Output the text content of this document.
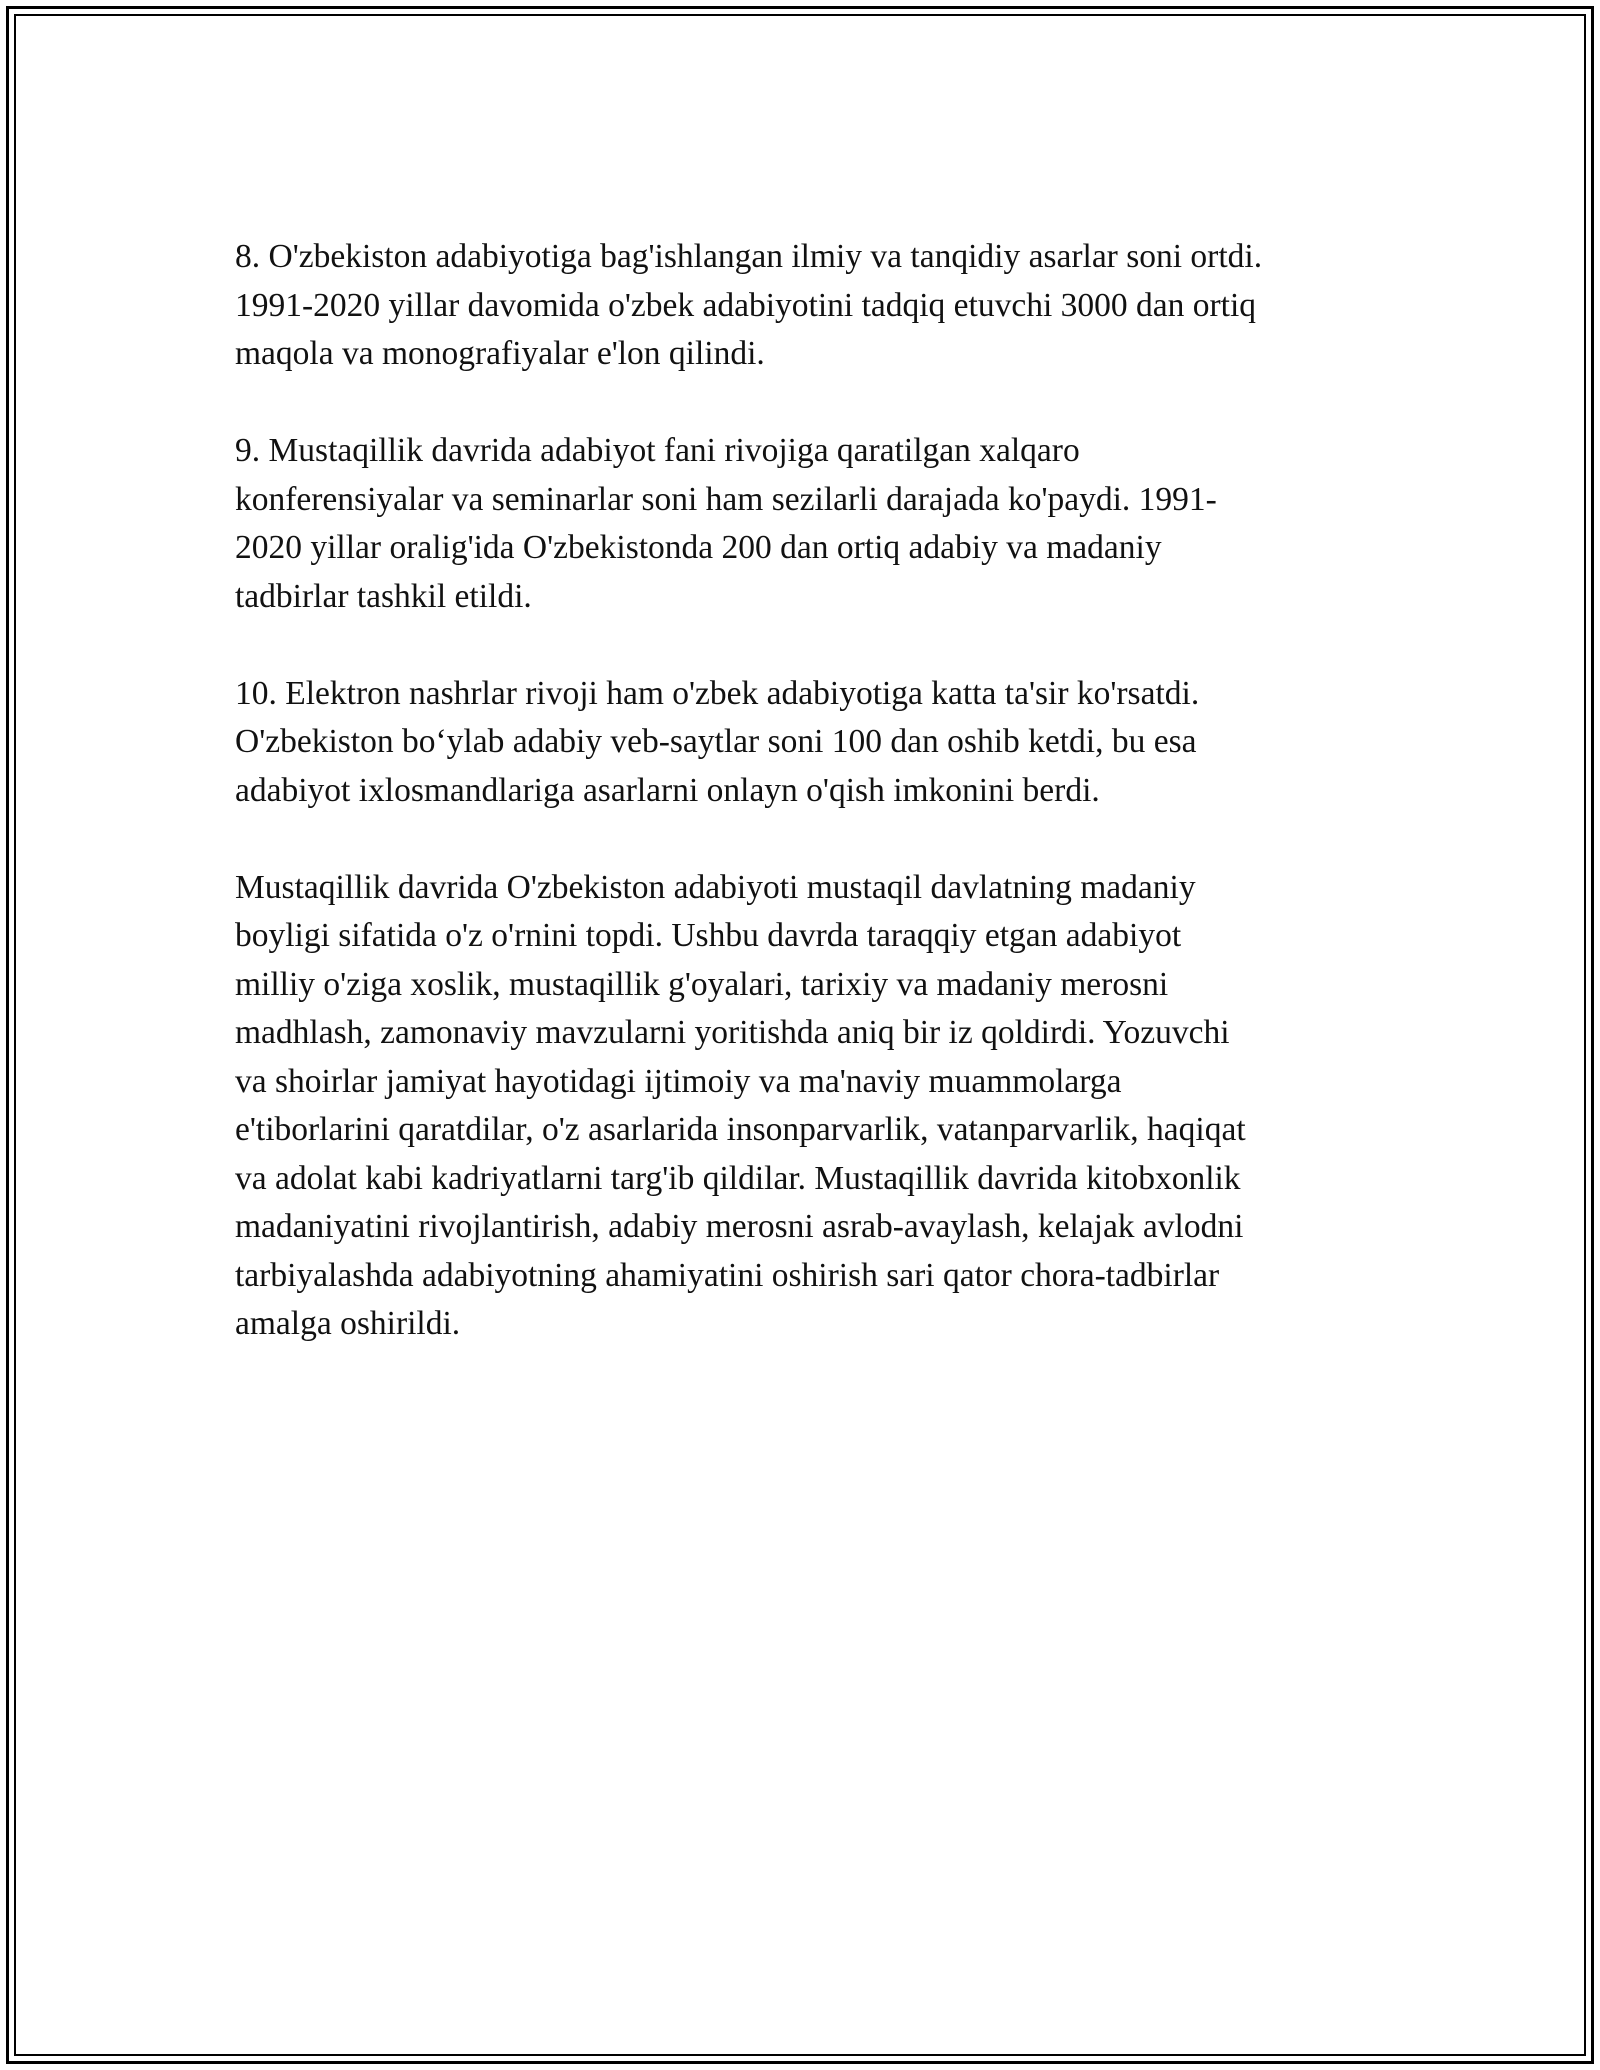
8. O'zbekiston adabiyotiga bag'ishlangan ilmiy va tanqidiy asarlar soni ortdi.
1991-2020 yillar davomida o'zbek adabiyotini tadqiq etuvchi 3000 dan ortiq
maqola va monografiyalar e'lon qilindi.

9. Mustaqillik davrida adabiyot fani rivojiga qaratilgan xalqaro
konferensiyalar va seminarlar soni ham sezilarli darajada ko'paydi. 1991-
2020 yillar oralig'ida O'zbekistonda 200 dan ortiq adabiy va madaniy
tadbirlar tashkil etildi.

10. Elektron nashrlar rivoji ham o'zbek adabiyotiga katta ta'sir ko'rsatdi.
O'zbekiston bo‘ylab adabiy veb-saytlar soni 100 dan oshib ketdi, bu esa
adabiyot ixlosmandlariga asarlarni onlayn o'qish imkonini berdi.

Mustaqillik davrida O'zbekiston adabiyoti mustaqil davlatning madaniy
boyligi sifatida o'z o'rnini topdi. Ushbu davrda taraqqiy etgan adabiyot
milliy o'ziga xoslik, mustaqillik g'oyalari, tarixiy va madaniy merosni
madhlash, zamonaviy mavzularni yoritishda aniq bir iz qoldirdi. Yozuvchi
va shoirlar jamiyat hayotidagi ijtimoiy va ma'naviy muammolarga
e'tiborlarini qaratdilar, o'z asarlarida insonparvarlik, vatanparvarlik, haqiqat
va adolat kabi kadriyatlarni targ'ib qildilar. Mustaqillik davrida kitobxonlik
madaniyatini rivojlantirish, adabiy merosni asrab-avaylash, kelajak avlodni
tarbiyalashda adabiyotning ahamiyatini oshirish sari qator chora-tadbirlar
amalga oshirildi.
